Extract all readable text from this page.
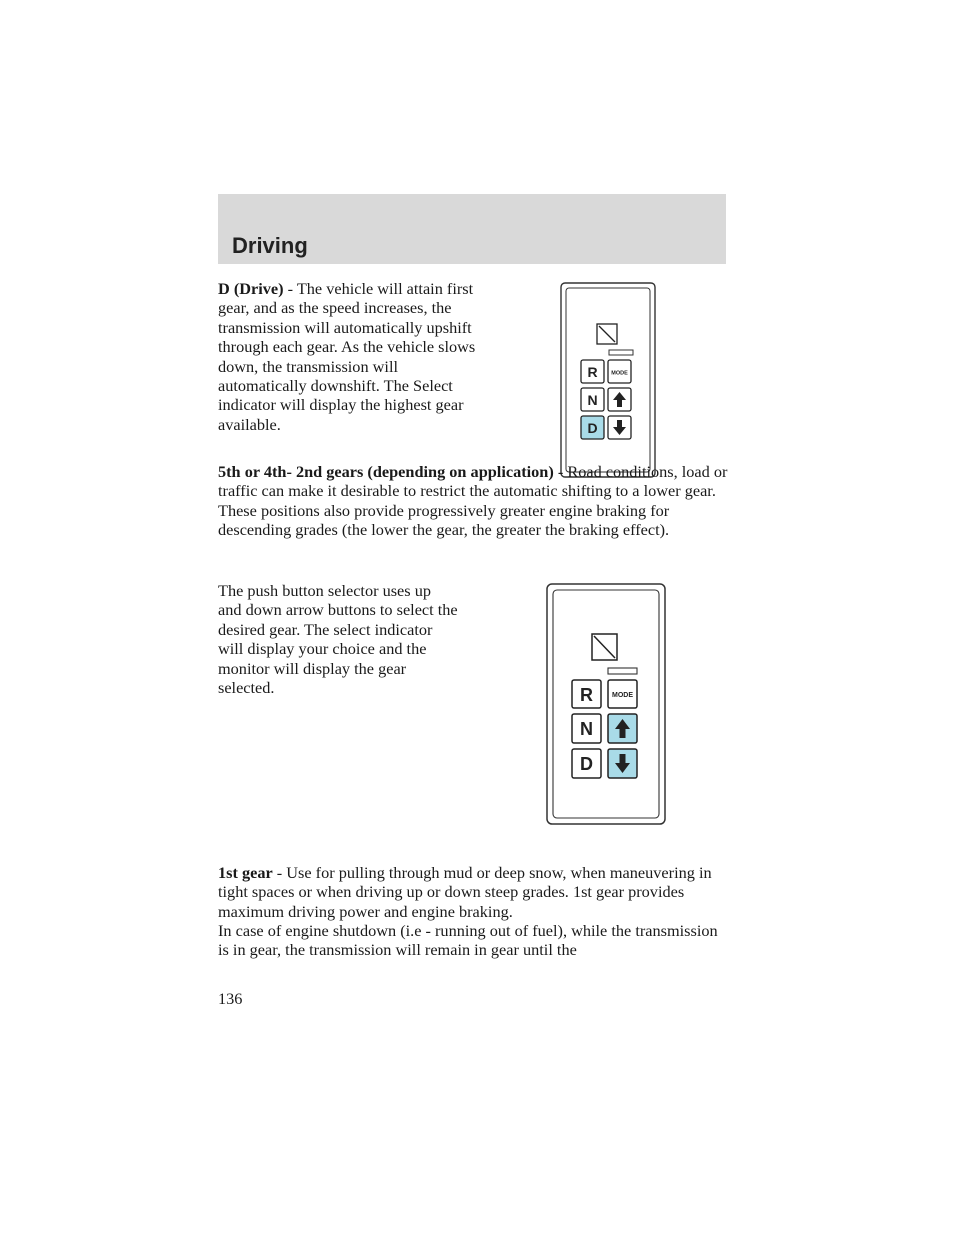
Driving

D (Drive) - The vehicle will attain first gear, and as the speed increases, the transmission will automatically upshift through each gear. As the vehicle slows down, the transmission will automatically downshift. The Select indicator will display the highest gear available.

R MODE
N
D

5th or 4th- 2nd gears (depending on application) - Road conditions, load or traffic can make it desirable to restrict the automatic shifting to a lower gear. These positions also provide progressively greater engine braking for descending grades (the lower the gear, the greater the braking effect).

The push button selector uses up and down arrow buttons to select the desired gear. The select indicator will display your choice and the monitor will display the gear selected.	R	MODE
N
D

1st gear - Use for pulling through mud or deep snow, when maneuvering in tight spaces or when driving up or down steep grades. 1st gear provides maximum driving power and engine braking.

In case of engine shutdown (i.e - running out of fuel), while the transmission is in gear, the transmission will remain in gear until the

136
